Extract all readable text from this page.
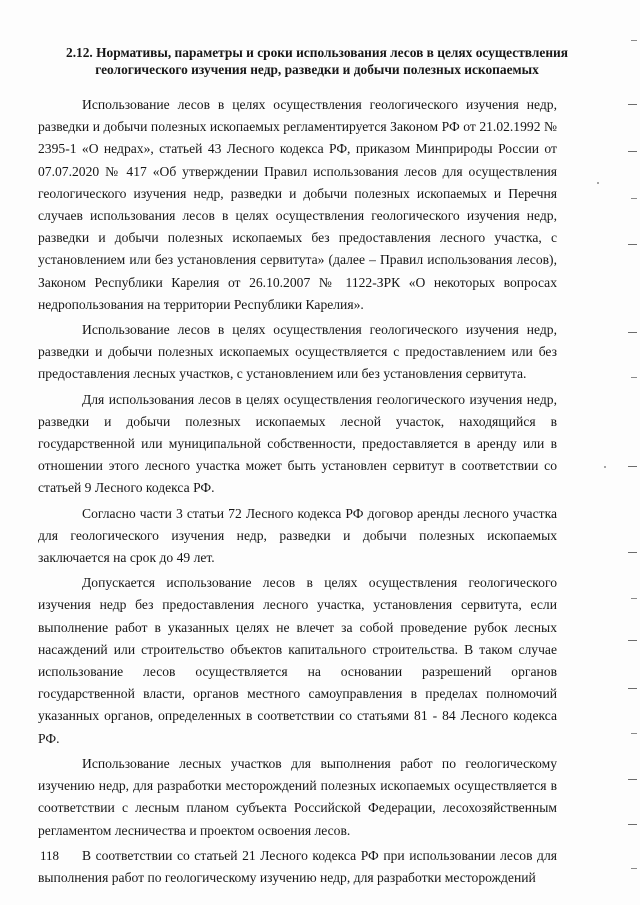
2.12. Нормативы, параметры и сроки использования лесов в целях осуществления
геологического изучения недр, разведки и добычи полезных ископаемых

Использование лесов в целях осуществления геологического изучения недр, разведки и добычи полезных ископаемых регламентируется Законом РФ от 21.02.1992 № 2395-1 «О недрах», статьей 43 Лесного кодекса РФ, приказом Минприроды России от 07.07.2020 № 417 «Об утверждении Правил использования лесов для осуществления геологического изучения недр, разведки и добычи полезных ископаемых и Перечня случаев использования лесов в целях осуществления геологического изучения недр, разведки и добычи полезных ископаемых без предоставления лесного участка, с установлением или без установления сервитута» (далее – Правил использования лесов), Законом Республики Карелия от 26.10.2007 № 1122-ЗРК «О некоторых вопросах недропользования на территории Республики Карелия».

Использование лесов в целях осуществления геологического изучения недр, разведки и добычи полезных ископаемых осуществляется с предоставлением или без предоставления лесных участков, с установлением или без установления сервитута.

Для использования лесов в целях осуществления геологического изучения недр, разведки и добычи полезных ископаемых лесной участок, находящийся в государственной или муниципальной собственности, предоставляется в аренду или в отношении этого лесного участка может быть установлен сервитут в соответствии со статьей 9 Лесного кодекса РФ.

Согласно части 3 статьи 72 Лесного кодекса РФ договор аренды лесного участка для геологического изучения недр, разведки и добычи полезных ископаемых заключается на срок до 49 лет.

Допускается использование лесов в целях осуществления геологического изучения недр без предоставления лесного участка, установления сервитута, если выполнение работ в указанных целях не влечет за собой проведение рубок лесных насаждений или строительство объектов капитального строительства. В таком случае использование лесов осуществляется на основании разрешений органов государственной власти, органов местного самоуправления в пределах полномочий указанных органов, определенных в соответствии со статьями 81 - 84 Лесного кодекса РФ.

Использование лесных участков для выполнения работ по геологическому изучению недр, для разработки месторождений полезных ископаемых осуществляется в соответствии с лесным планом субъекта Российской Федерации, лесохозяйственным регламентом лесничества и проектом освоения лесов.

В соответствии со статьей 21 Лесного кодекса РФ при использовании лесов для выполнения работ по геологическому изучению недр, для разработки месторождений

118
